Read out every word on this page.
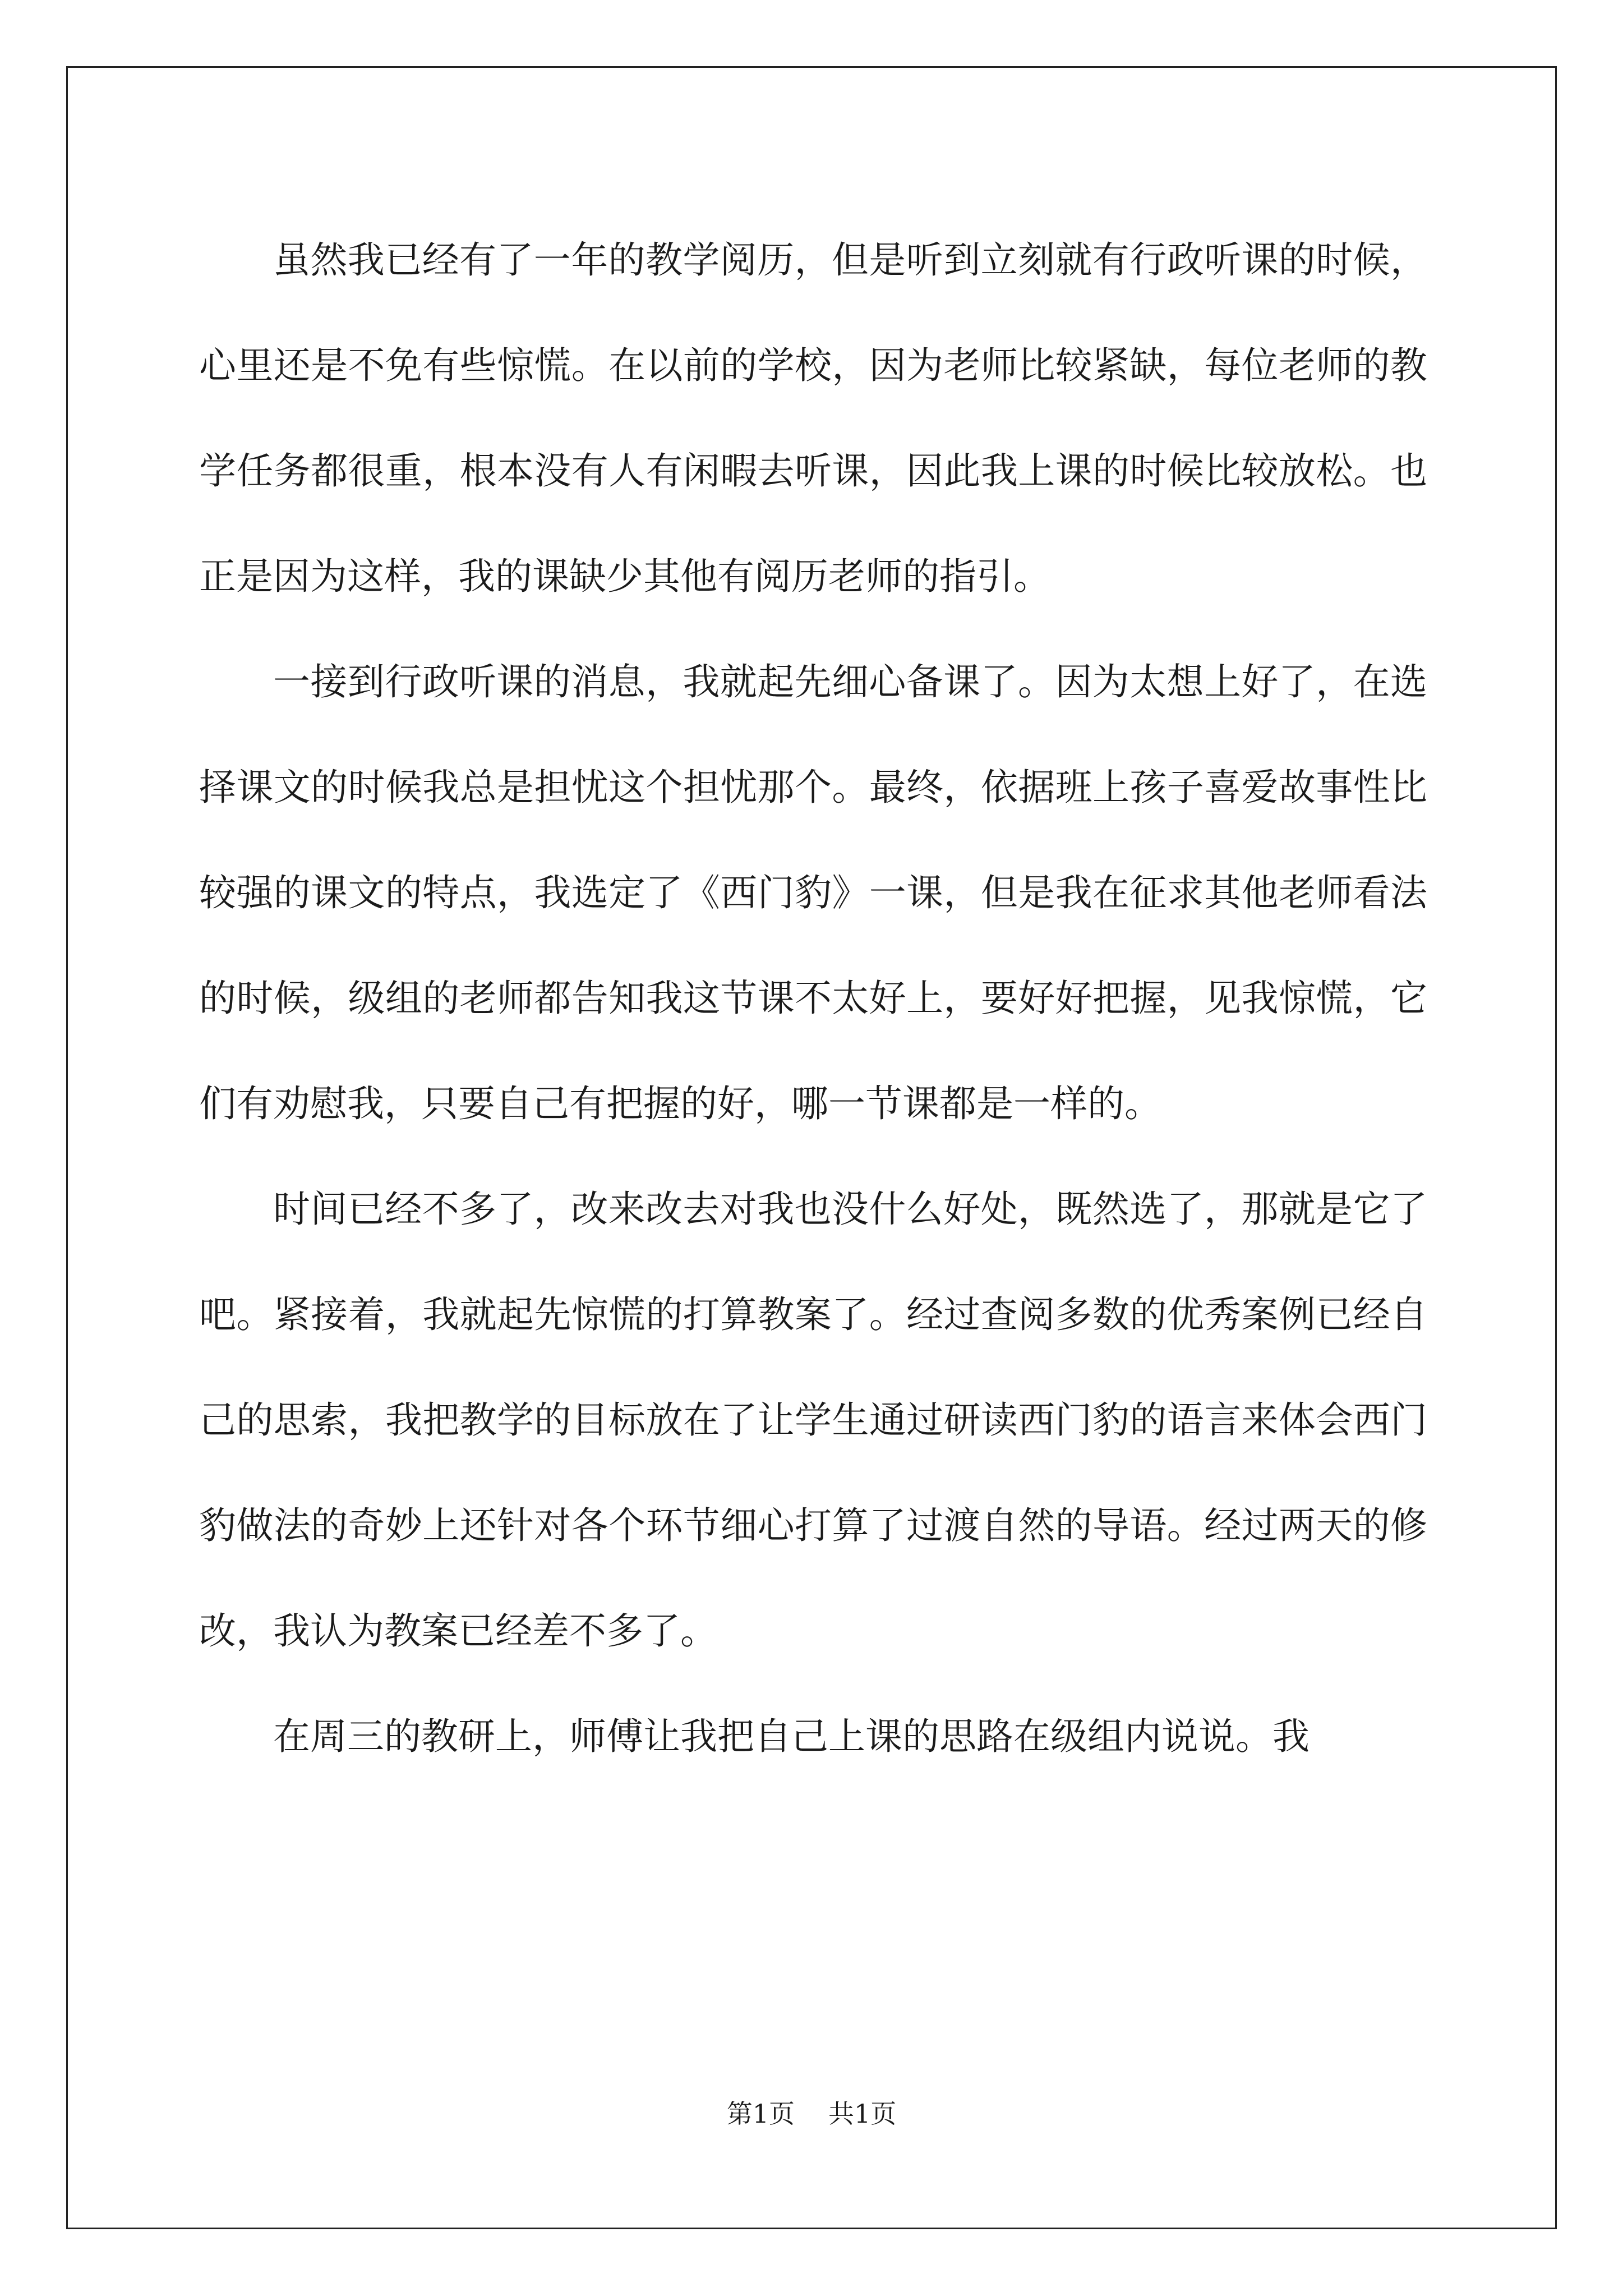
虽然我已经有了一年的教学阅历，但是听到立刻就有行政听课的时候，心里还是不免有些惊慌。在以前的学校，因为老师比较紧缺，每位老师的教学任务都很重，根本没有人有闲暇去听课，因此我上课的时候比较放松。也正是因为这样，我的课缺少其他有阅历老师的指引。

一接到行政听课的消息，我就起先细心备课了。因为太想上好了，在选择课文的时候我总是担忧这个担忧那个。最终，依据班上孩子喜爱故事性比较强的课文的特点，我选定了《西门豹》一课，但是我在征求其他老师看法的时候，级组的老师都告知我这节课不太好上，要好好把握，见我惊慌，它们有劝慰我，只要自己有把握的好，哪一节课都是一样的。

时间已经不多了，改来改去对我也没什么好处，既然选了，那就是它了吧。紧接着，我就起先惊慌的打算教案了。经过查阅多数的优秀案例已经自己的思索，我把教学的目标放在了让学生通过研读西门豹的语言来体会西门豹做法的奇妙上还针对各个环节细心打算了过渡自然的导语。经过两天的修改，我认为教案已经差不多了。

在周三的教研上，师傅让我把自己上课的思路在级组内说说。我

第1页 共1页
